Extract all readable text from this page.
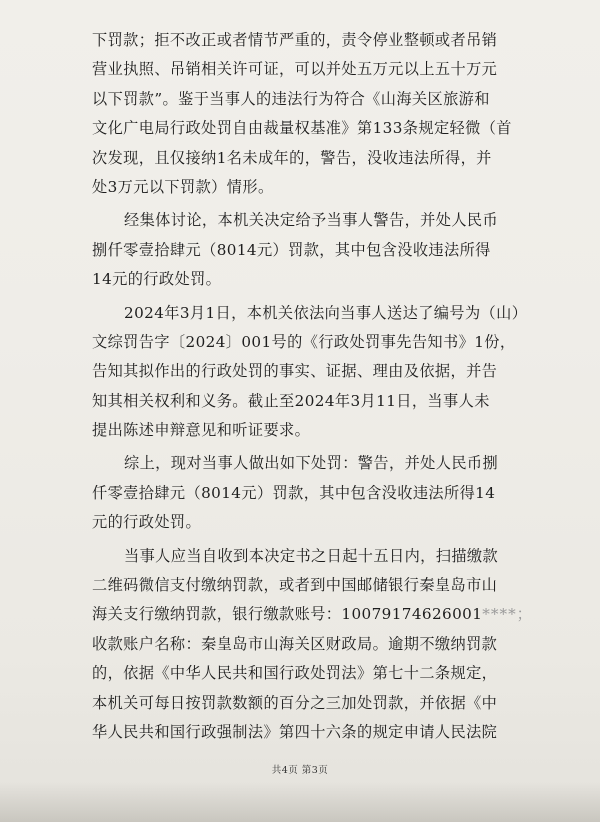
下罚款；拒不改正或者情节严重的，责令停业整顿或者吊销
营业执照、吊销相关许可证，可以并处五万元以上五十万元
以下罚款”。鉴于当事人的违法行为符合《山海关区旅游和
文化广电局行政处罚自由裁量权基准》第133条规定轻微（首
次发现，且仅接纳1名未成年的，警告，没收违法所得，并
处3万元以下罚款）情形。
经集体讨论，本机关决定给予当事人警告，并处人民币
捌仟零壹拾肆元（8014元）罚款，其中包含没收违法所得
14元的行政处罚。
2024年3月1日，本机关依法向当事人送达了编号为（山）
文综罚告字〔2024〕001号的《行政处罚事先告知书》1份，
告知其拟作出的行政处罚的事实、证据、理由及依据，并告
知其相关权利和义务。截止至2024年3月11日，当事人未
提出陈述申辩意见和听证要求。
综上，现对当事人做出如下处罚：警告，并处人民币捌
仟零壹拾肆元（8014元）罚款，其中包含没收违法所得14
元的行政处罚。
当事人应当自收到本决定书之日起十五日内，扫描缴款
二维码微信支付缴纳罚款，或者到中国邮储银行秦皇岛市山
海关支行缴纳罚款，银行缴款账号：10079174626001****；
收款账户名称：秦皇岛市山海关区财政局。逾期不缴纳罚款
的，依据《中华人民共和国行政处罚法》第七十二条规定，
本机关可每日按罚款数额的百分之三加处罚款，并依据《中
华人民共和国行政强制法》第四十六条的规定申请人民法院
共4页 第3页
